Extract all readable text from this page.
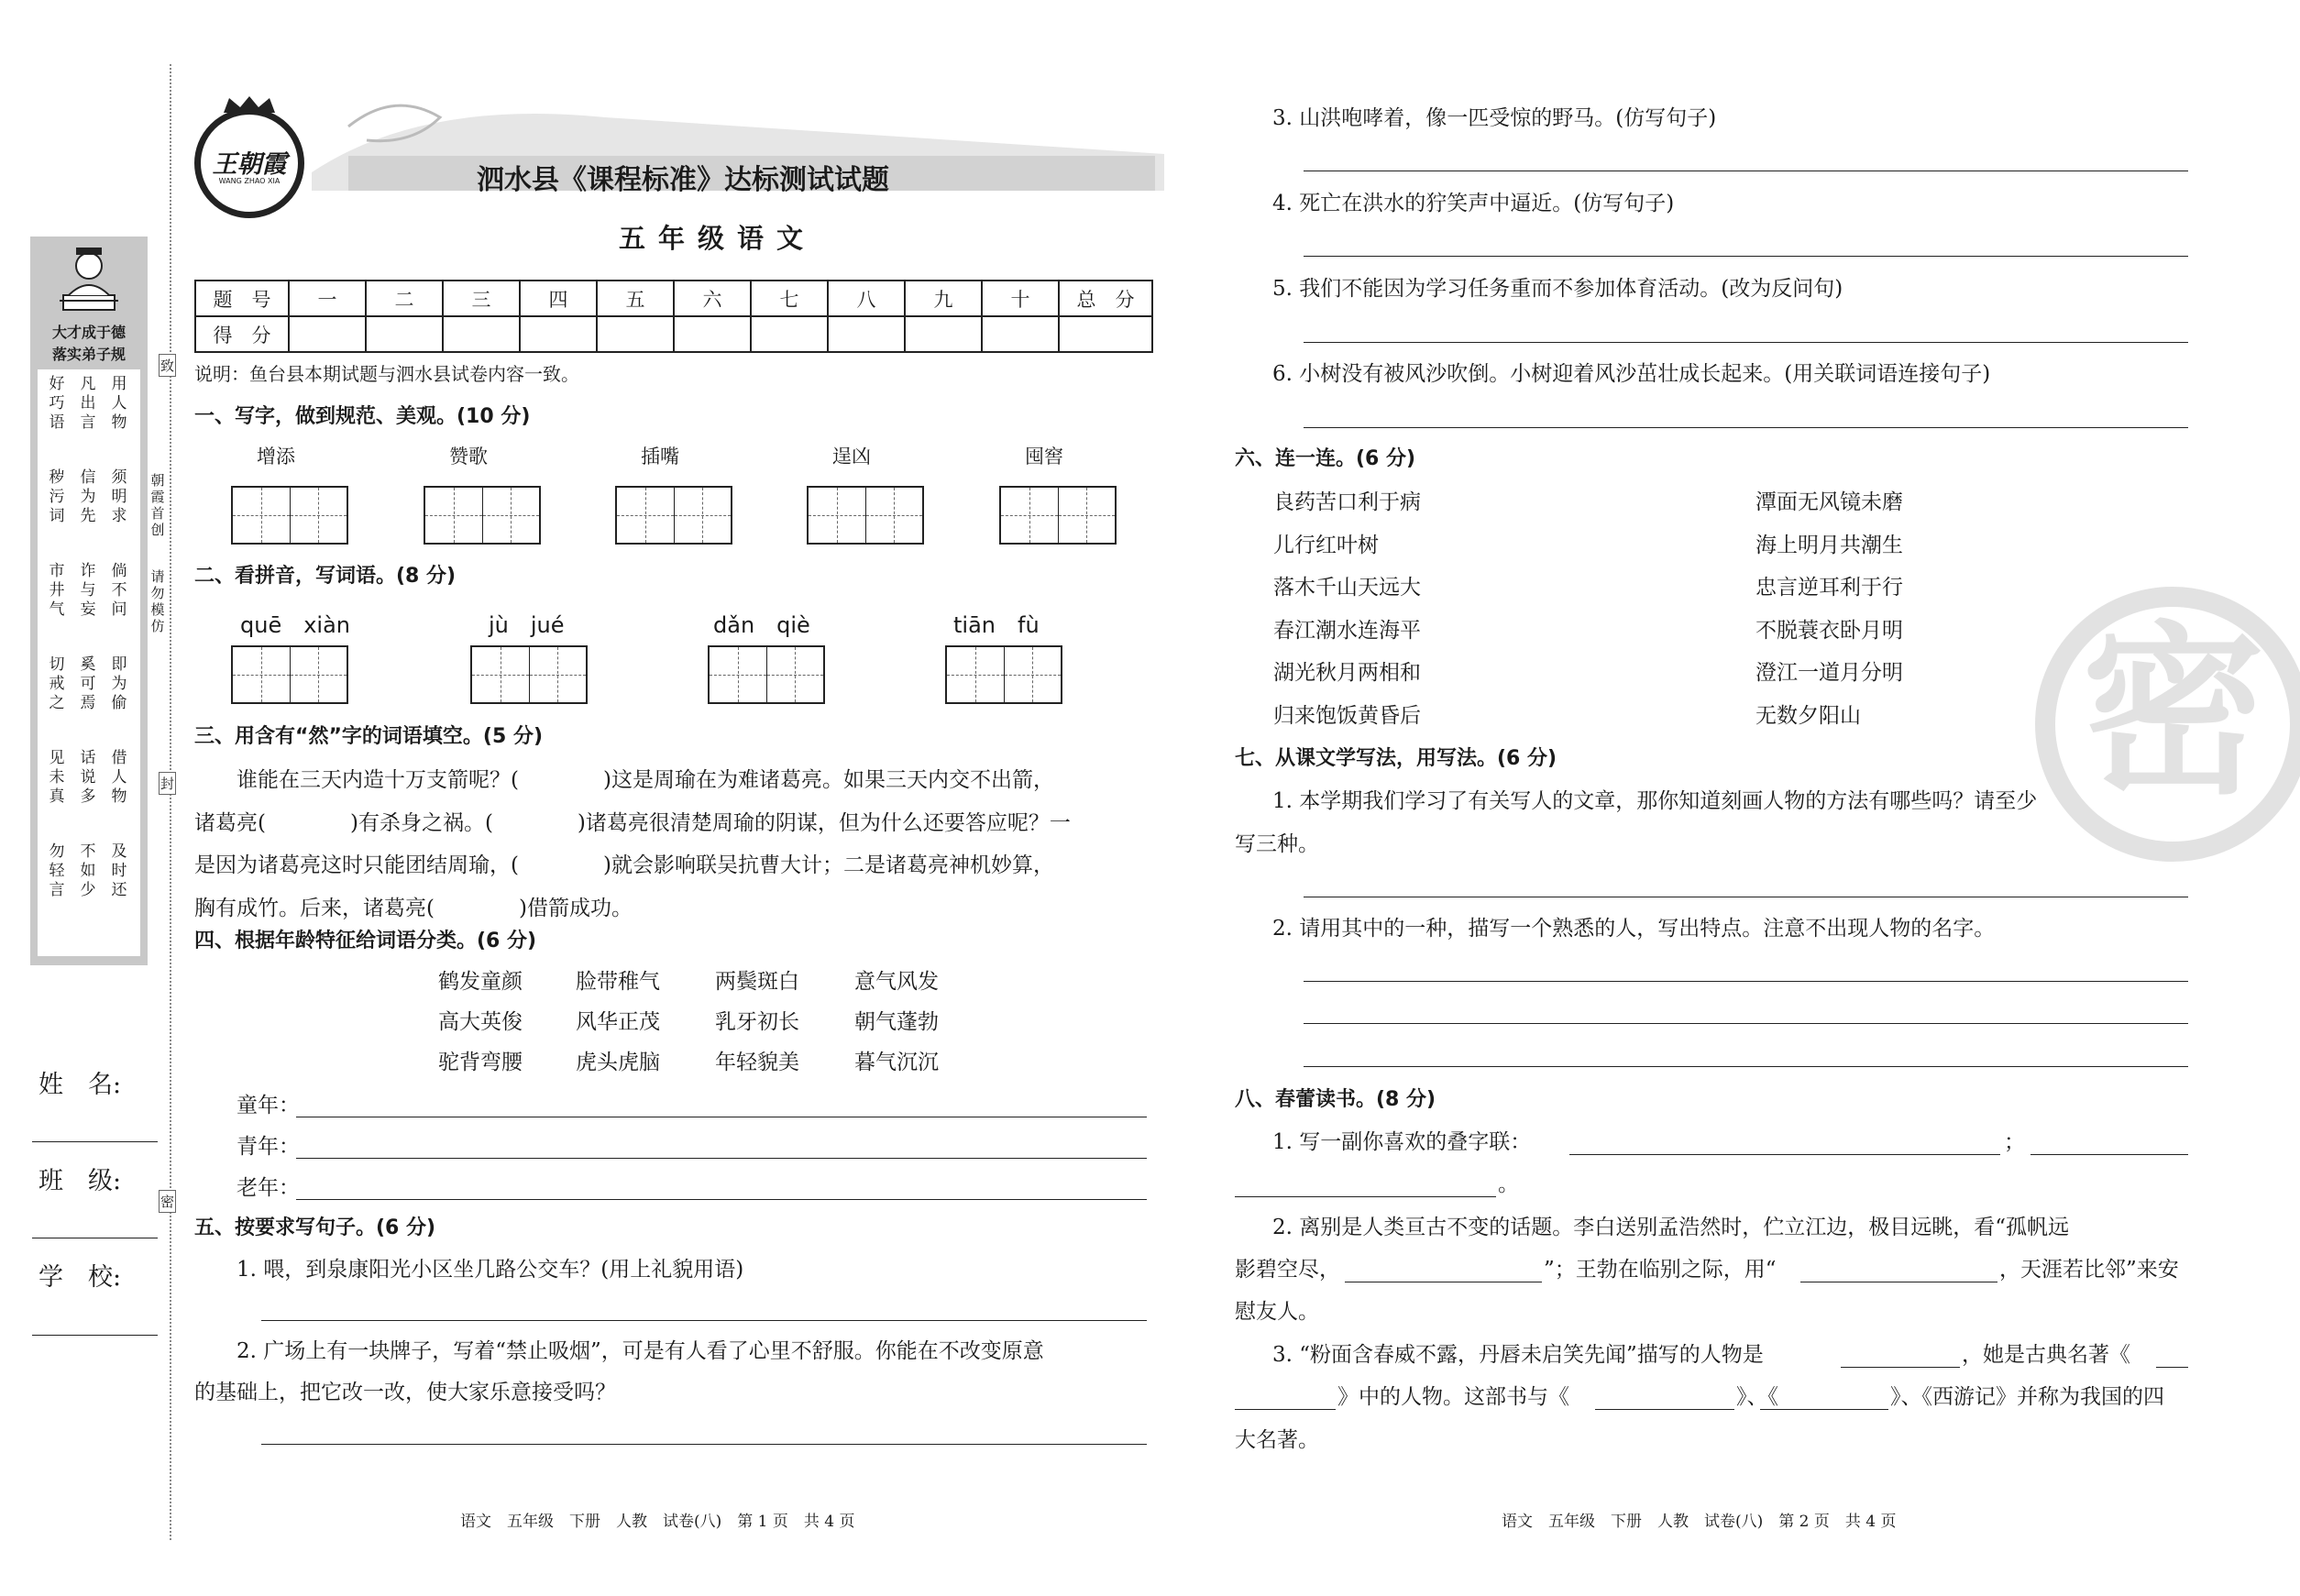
大才成于德
落实弟子规
好
巧
语
凡
出
言
用
人
物
秽
污
词
信
为
先
须
明
求
市
井
气
诈
与
妄
倘
不
问
切
戒
之
奚
可
焉
即
为
偷
见
未
真
话
说
多
借
人
物
勿
轻
言
不
如
少
及
时
还
致
朝
霞
首
创
请
勿
模
仿
封
密
姓　名:
班　级:
学　校:
王朝霞
WANG ZHAO XIA	泗水县《课程标准》达标测试试题
五年级语文
题　号	一	二	三	四	五	六	七	八	九	十	总　分
得　分											
说明：鱼台县本期试题与泗水县试卷内容一致。
一、写字，做到规范、美观。(10 分)
增添	赞歌	插嘴	逞凶	囤窖
二、看拼音，写词语。(8 分)
quē　xiàn	jù　jué	dǎn　qiè	tiān　fù
三、用含有“然”字的词语填空。(5 分)
谁能在三天内造十万支箭呢？(　　　　)这是周瑜在为难诸葛亮。如果三天内交不出箭，
诸葛亮(　　　　)有杀身之祸。(　　　　)诸葛亮很清楚周瑜的阴谋，但为什么还要答应呢？一
是因为诸葛亮这时只能团结周瑜，(　　　　)就会影响联吴抗曹大计；二是诸葛亮神机妙算，
胸有成竹。后来，诸葛亮(　　　　)借箭成功。
四、根据年龄特征给词语分类。(6 分)
鹤发童颜	脸带稚气	两鬓斑白	意气风发
高大英俊	风华正茂	乳牙初长	朝气蓬勃
驼背弯腰	虎头虎脑	年轻貌美	暮气沉沉
童年：
青年：
老年：
五、按要求写句子。(6 分)
1. 喂，到泉康阳光小区坐几路公交车？(用上礼貌用语)
2. 广场上有一块牌子，写着“禁止吸烟”，可是有人看了心里不舒服。你能在不改变原意
的基础上，把它改一改，使大家乐意接受吗？
3. 山洪咆哮着，像一匹受惊的野马。(仿写句子)
4. 死亡在洪水的狞笑声中逼近。(仿写句子)
5. 我们不能因为学习任务重而不参加体育活动。(改为反问句)
6. 小树没有被风沙吹倒。小树迎着风沙茁壮成长起来。(用关联词语连接句子)
六、连一连。(6 分)
良药苦口利于病
儿行红叶树
落木千山天远大
春江潮水连海平
湖光秋月两相和
归来饱饭黄昏后
潭面无风镜未磨
海上明月共潮生
忠言逆耳利于行
不脱蓑衣卧月明
澄江一道月分明
无数夕阳山
七、从课文学写法，用写法。(6 分)
1. 本学期我们学习了有关写人的文章，那你知道刻画人物的方法有哪些吗？请至少
写三种。
2. 请用其中的一种，描写一个熟悉的人，写出特点。注意不出现人物的名字。
八、春蕾读书。(8 分)
1. 写一副你喜欢的叠字联：	；
。
2. 离别是人类亘古不变的话题。李白送别孟浩然时，伫立江边，极目远眺，看“孤帆远
影碧空尽，	”；王勃在临别之际，用“	，天涯若比邻”来安
慰友人。
3. “粉面含春威不露，丹唇未启笑先闻”描写的人物是	，她是古典名著《
》中的人物。这部书与《	》、《	》、《西游记》并称为我国的四
大名著。
密
语文　五年级　下册　人教　试卷(八)　第 1 页　共 4 页	语文　五年级　下册　人教　试卷(八)　第 2 页　共 4 页
